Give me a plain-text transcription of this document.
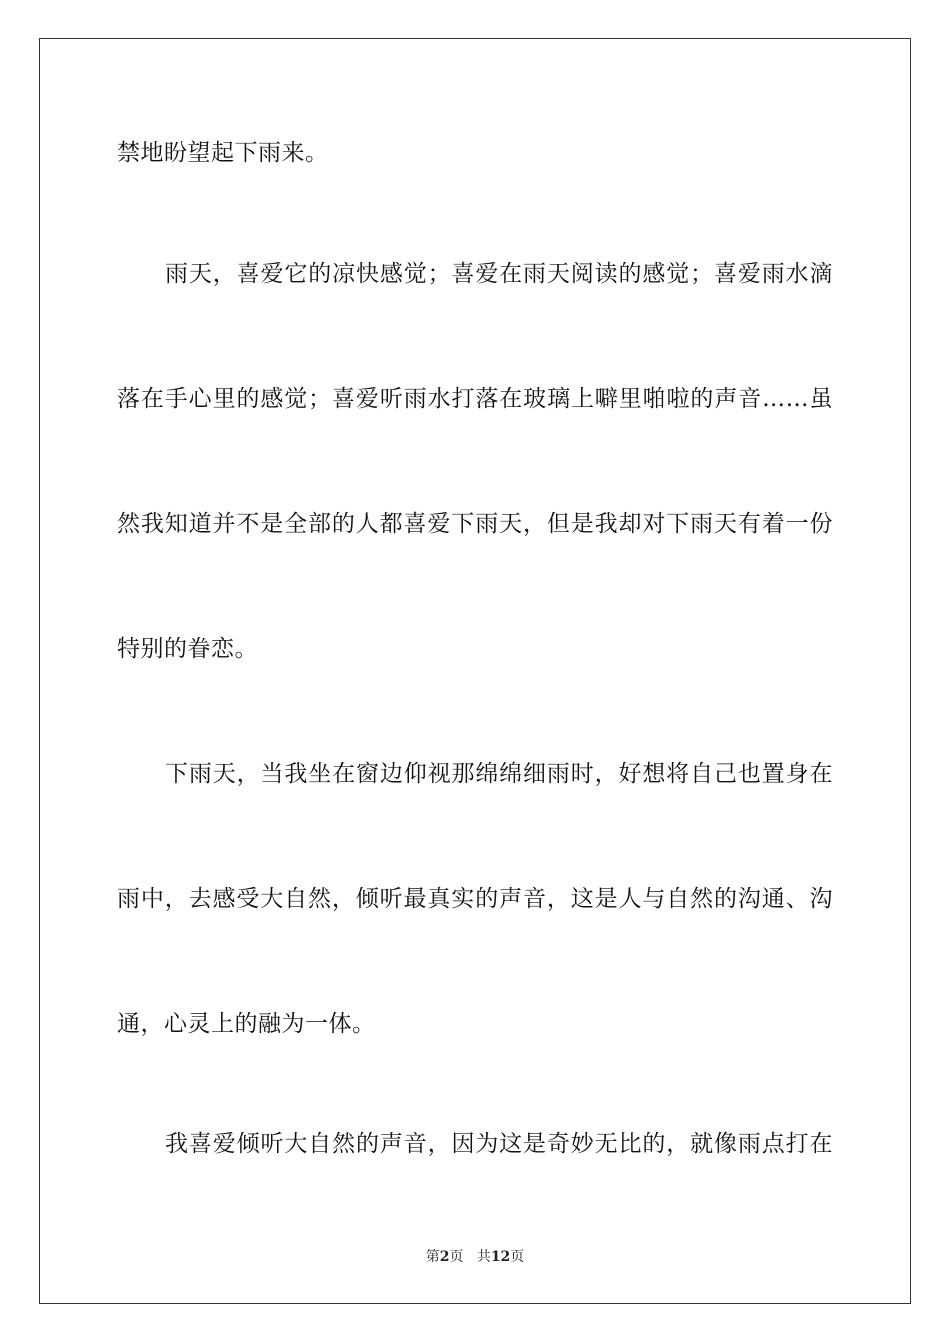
禁地盼望起下雨来。
雨天，喜爱它的凉快感觉；喜爱在雨天阅读的感觉；喜爱雨水滴
落在手心里的感觉；喜爱听雨水打落在玻璃上噼里啪啦的声音……虽
然我知道并不是全部的人都喜爱下雨天，但是我却对下雨天有着一份
特别的眷恋。
下雨天，当我坐在窗边仰视那绵绵细雨时，好想将自己也置身在
雨中，去感受大自然，倾听最真实的声音，这是人与自然的沟通、沟
通，心灵上的融为一体。
我喜爱倾听大自然的声音，因为这是奇妙无比的，就像雨点打在
第2页 共12页
